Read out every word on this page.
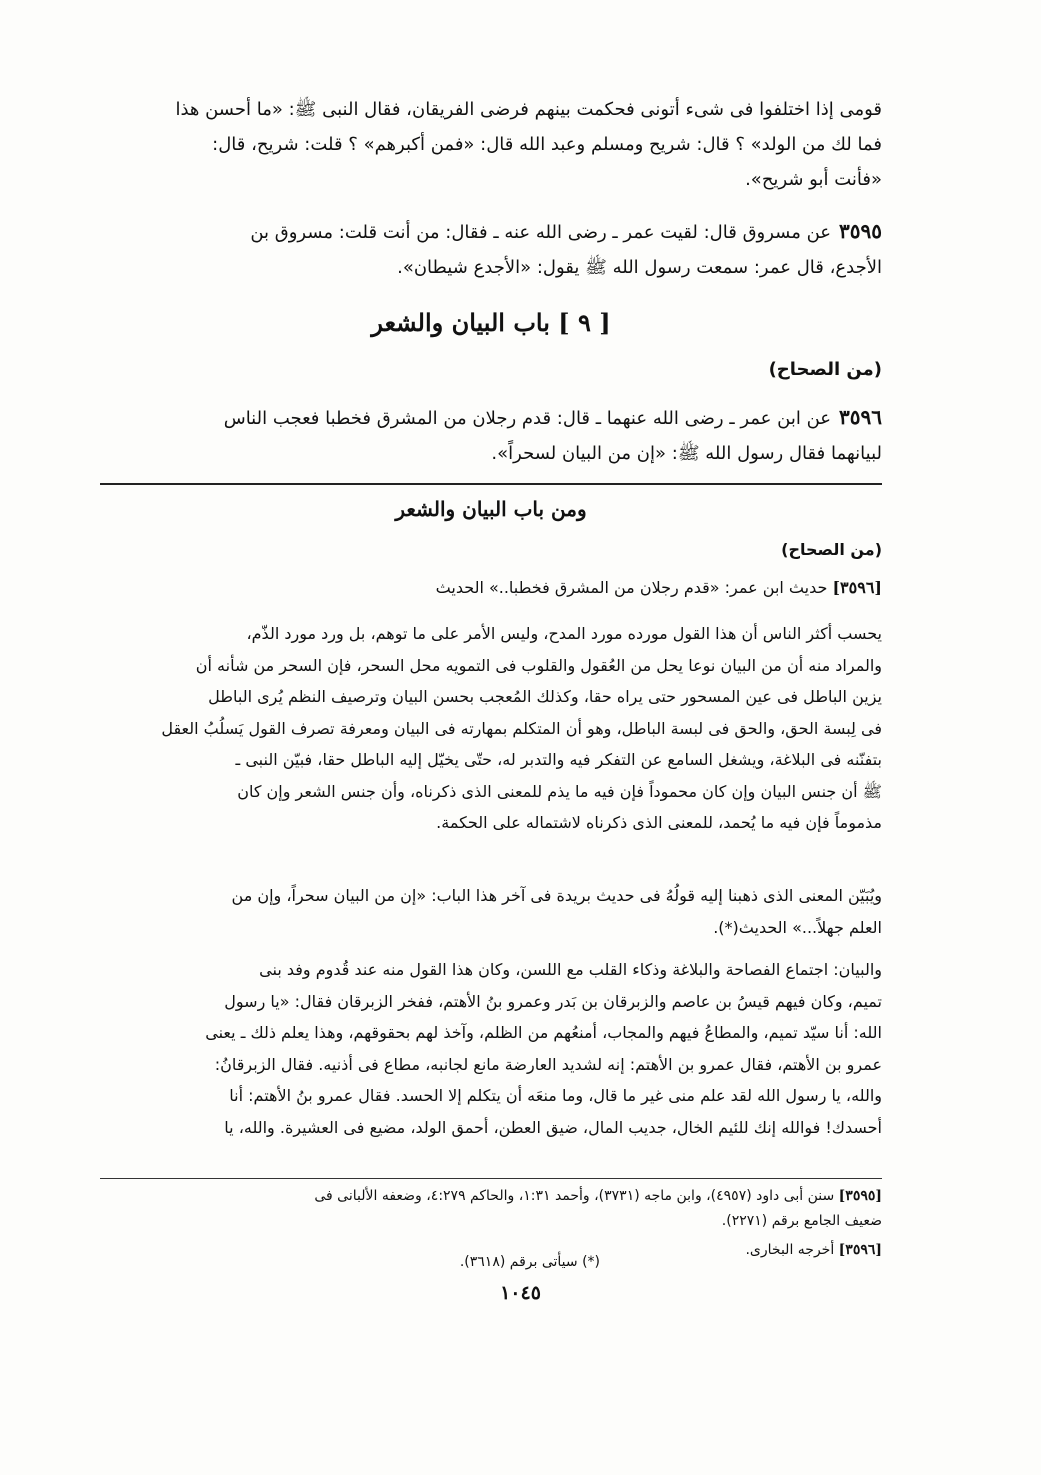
قومى إذا اختلفوا فى شىء أتونى فحكمت بينهم فرضى الفريقان، فقال النبى ﷺ: «ما أحسن هذا
فما لك من الولد» ؟ قال: شريح ومسلم وعبد الله قال: «فمن أكبرهم» ؟ قلت: شريح، قال:
«فأنت أبو شريح».
٣٥٩٥عن مسروق قال: لقيت عمر ـ رضى الله عنه ـ فقال: من أنت قلت: مسروق بن
الأجدع، قال عمر: سمعت رسول الله ﷺ يقول: «الأجدع شيطان».
[ ٩ ] باب البيان والشعر
(من الصحاح)
٣٥٩٦عن ابن عمر ـ رضى الله عنهما ـ قال: قدم رجلان من المشرق فخطبا فعجب الناس
لبيانهما فقال رسول الله ﷺ: «إن من البيان لسحراً».
ومن باب البيان والشعر
(من الصحاح)
[٣٥٩٦] حديث ابن عمر: «قدم رجلان من المشرق فخطبا..» الحديث
يحسب أكثر الناس أن هذا القول مورده مورد المدح، وليس الأمر على ما توهم، بل ورد مورد الذّم،
والمراد منه أن من البيان نوعا يحل من العُقول والقلوب فى التمويه محل السحر، فإن السحر من شأنه أن
يزين الباطل فى عين المسحور حتى يراه حقا، وكذلك المُعجب بحسن البيان وترصيف النظم يُرى الباطل
فى لِبسة الحق، والحق فى لبسة الباطل، وهو أن المتكلم بمهارته فى البيان ومعرفة تصرف القول يَسلُبُ العقل
بتفنّنه فى البلاغة، ويشغل السامع عن التفكر فيه والتدبر له، حتّى يخيّل إليه الباطل حقا، فبيّن النبى ـ
ﷺ أن جنس البيان وإن كان محموداً فإن فيه ما يذم للمعنى الذى ذكرناه، وأن جنس الشعر وإن كان
مذموماً فإن فيه ما يُحمد، للمعنى الذى ذكرناه لاشتماله على الحكمة.
ويُبَيّن المعنى الذى ذهبنا إليه قولُهُ فى حديث بريدة فى آخر هذا الباب: «إن من البيان سحراً، وإن من
العلم جهلاً...» الحديث(*).
والبيان: اجتماع الفصاحة والبلاغة وذكاء القلب مع اللسن، وكان هذا القول منه عند قُدوم وفد بنى
تميم، وكان فيهم قيسُ بن عاصم والزبرقان بن بَدر وعمرو بنُ الأهتم، ففخر الزبرقان فقال: «يا رسول
الله: أنا سيّد تميم، والمطاعُ فيهم والمجاب، أمنعُهم من الظلم، وآخذ لهم بحقوقهم، وهذا يعلم ذلك ـ يعنى
عمرو بن الأهتم، فقال عمرو بن الأهتم: إنه لشديد العارضة مانع لجانبه، مطاع فى أذنيه. فقال الزبرقانُ:
والله، يا رسول الله لقد علم منى غير ما قال، وما منعَه أن يتكلم إلا الحسد. فقال عمرو بنُ الأهتم: أنا
أحسدك! فوالله إنك للئيم الخال، جديب المال، ضيق العطن، أحمق الولد، مضيع فى العشيرة. والله، يا
[٣٥٩٥] سنن أبى داود (٤٩٥٧)، وابن ماجه (٣٧٣١)، وأحمد ١:٣١، والحاكم ٤:٢٧٩، وضعفه الألبانى فى
ضعيف الجامع برقم (٢٢٧١).
[٣٥٩٦] أخرجه البخارى.
(*) سيأتى برقم (٣٦١٨).
١٠٤٥
